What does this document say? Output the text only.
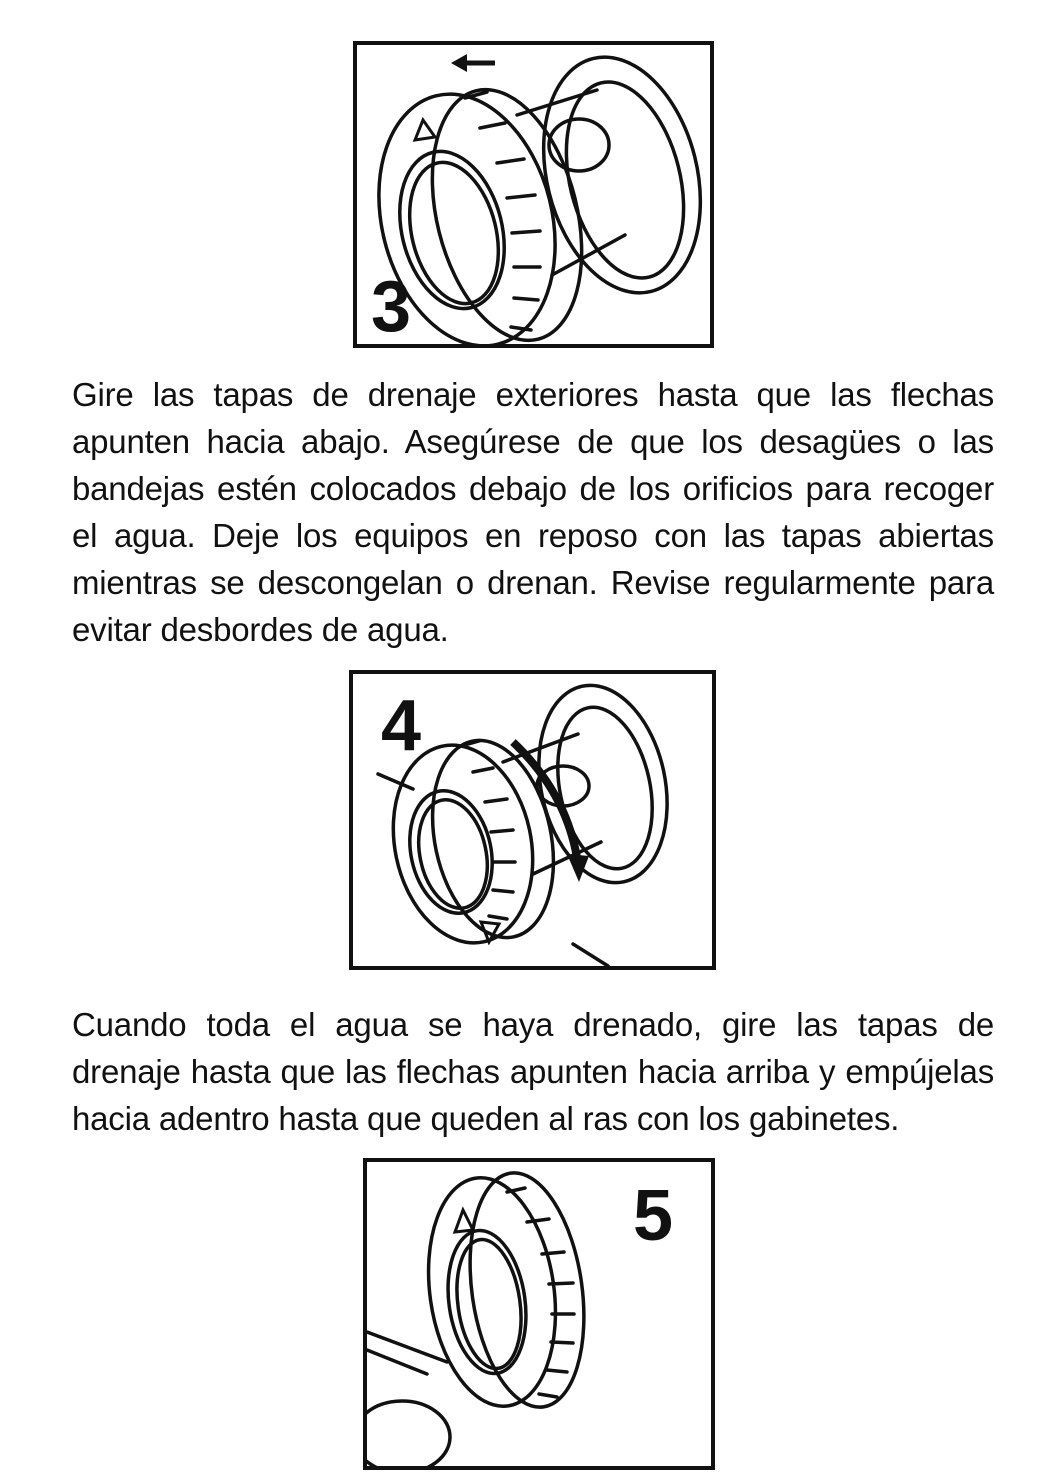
3

Gire las tapas de drenaje exteriores hasta que las flechas apunten hacia abajo. Asegúrese de que los desagües o las bandejas estén colocados debajo de los orificios para recoger el agua. Deje los equipos en reposo con las tapas abiertas mientras se descongelan o drenan. Revise regularmente para evitar desbordes de agua.

4

Cuando toda el agua se haya drenado, gire las tapas de drenaje hasta que las flechas apunten hacia arriba y empújelas hacia adentro hasta que queden al ras con los gabinetes.

5
